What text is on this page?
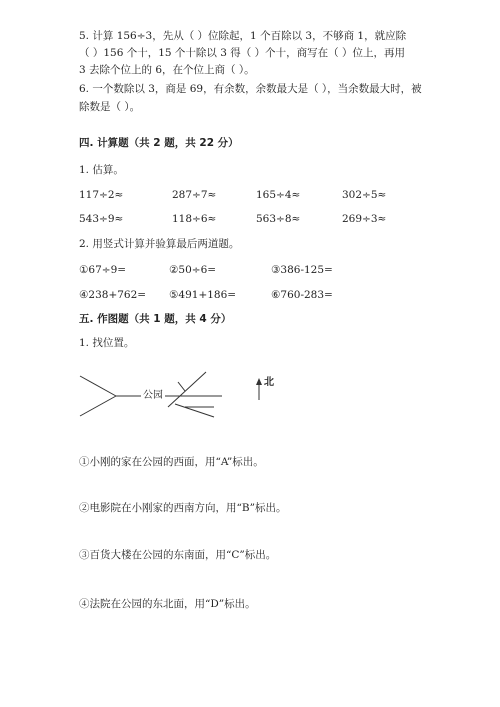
5. 计算 156÷3，先从（ ）位除起，1 个百除以 3，不够商 1，就应除
（ ）156 个十，15 个十除以 3 得（ ）个十，商写在（ ）位上，再用
3 去除个位上的 6，在个位上商（ ）。
6. 一个数除以 3，商是 69，有余数，余数最大是（ ），当余数最大时，被
除数是（ ）。
四. 计算题（共 2 题，共 22 分）
1. 估算。
117÷2≈	287÷7≈	165÷4≈	302÷5≈
543÷9≈	118÷6≈	563÷8≈	269÷3≈
2. 用竖式计算并验算最后两道题。
①67÷9=	②50÷6=	③386-125=
④238+762= ⑤491+186=	⑥760-283=
五. 作图题（共 1 题，共 4 分）
1. 找位置。
公园
北
①小刚的家在公园的西面，用“A”标出。
②电影院在小刚家的西南方向，用“B”标出。
③百货大楼在公园的东南面，用“C”标出。
④法院在公园的东北面，用“D”标出。
